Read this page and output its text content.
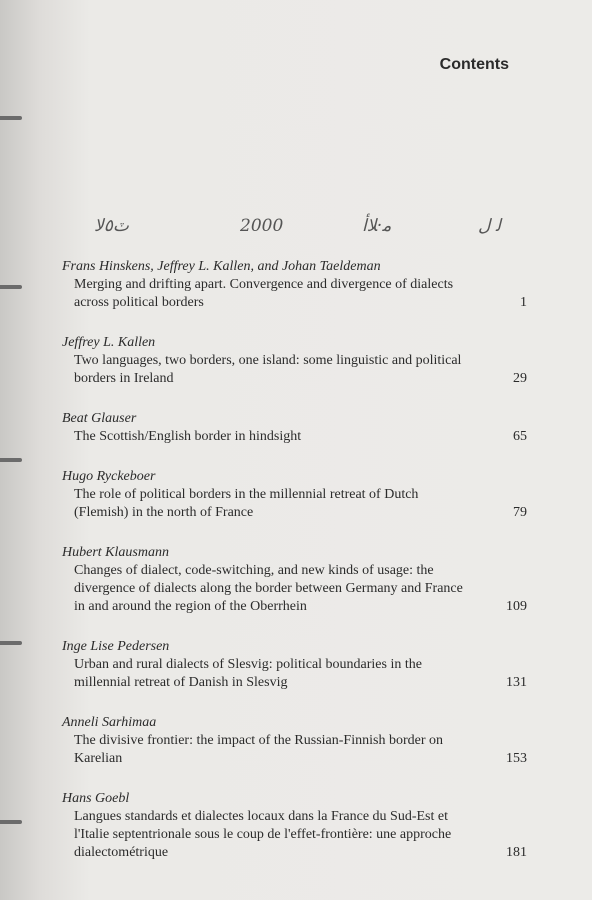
Contents
ٽ٥ﻻ	2000	ﻣ·ﻼﺃ	ﻟ ﻝ
Frans Hinskens, Jeffrey L. Kallen, and Johan Taeldeman
Merging and drifting apart. Convergence and divergence of dialects across political borders	1
Jeffrey L. Kallen
Two languages, two borders, one island: some linguistic and political borders in Ireland	29
Beat Glauser
The Scottish/English border in hindsight	65
Hugo Ryckeboer
The role of political borders in the millennial retreat of Dutch (Flemish) in the north of France	79
Hubert Klausmann
Changes of dialect, code-switching, and new kinds of usage: the divergence of dialects along the border between Germany and France in and around the region of the Oberrhein	109
Inge Lise Pedersen
Urban and rural dialects of Slesvig: political boundaries in the millennial retreat of Danish in Slesvig	131
Anneli Sarhimaa
The divisive frontier: the impact of the Russian-Finnish border on Karelian	153
Hans Goebl
Langues standards et dialectes locaux dans la France du Sud-Est et l'Italie septentrionale sous le coup de l'effet-frontière: une approche dialectométrique	181
